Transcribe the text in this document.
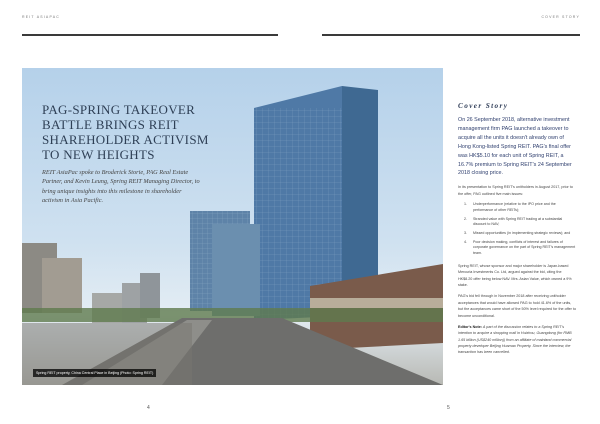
REIT ASIAPAC	COVER STORY
PAG-SPRING TAKEOVER BATTLE BRINGS REIT SHAREHOLDER ACTIVISM TO NEW HEIGHTS

REIT AsiaPac spoke to Broderick Storie, PAG Real Estate Partner, and Kevin Leung, Spring REIT Managing Director, to bring unique insights into this milestone in shareholder activism in Asia Pacific.

Spring REIT property, China Central Place in Beijing (Photo: Spring REIT)
Cover Story

On 26 September 2018, alternative investment management firm PAG launched a takeover to acquire all the units it doesn't already own of Hong Kong-listed Spring REIT. PAG's final offer was HK$5.10 for each unit of Spring REIT, a 16.7% premium to Spring REIT's 24 September 2018 closing price.

In its presentation to Spring REIT's unitholders in August 2017, prior to the offer, PAG outlined five main issues:

1.	Underperformance (relative to the IPO price and the performance of other REITs);
2.	Stranded value with Spring REIT trading at a substantial discount to NAV;
3.	Missed opportunities (in implementing strategic reviews); and
4.	Poor decision making, conflicts of interest and failures of corporate governance on the part of Spring REIT's management team.

Spring REIT, whose sponsor and major shareholder is Japan-based Mercuria Investments Co. Ltd, argued against the bid, citing the HK$8.20 offer being below NAV. Mrs. Asian Value, which owned a 9% stake.

PAG's bid fell through in November 2018 after receiving unitholder acceptances that would have allowed PAG to hold 41.6% of the units, but the acceptances came short of the 50% level required for the offer to become unconditional.

Editor's Note: A part of the discussion relates to a Spring REIT's intention to acquire a shopping mall in Huizhou, Guangdong (for RMB 1.65 billion (US$240 million)) from an affiliate of mainland commercial property developer Beijing Huamao Property. Since the interview, the transaction has been cancelled.

4	5
